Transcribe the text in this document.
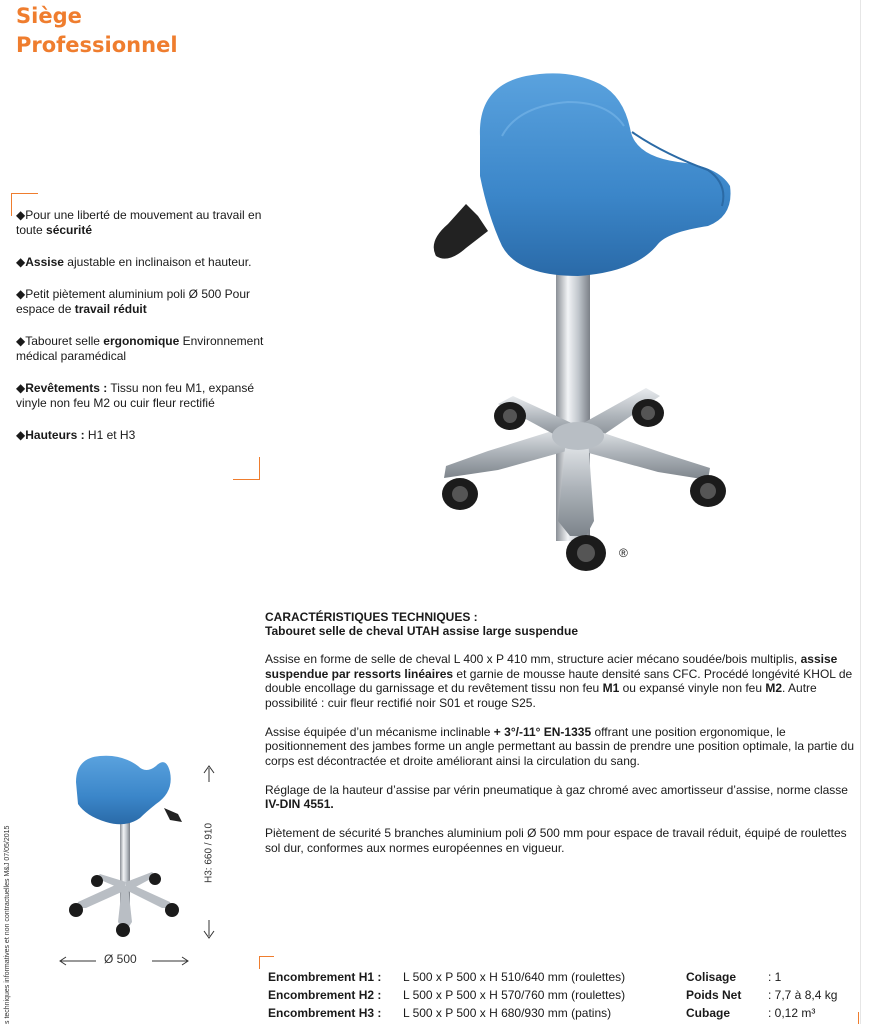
Siège
Professionnel

◆Pour une liberté de mouvement au travail en toute sécurité

◆Assise ajustable en inclinaison et hauteur.

◆Petit piètement aluminium poli Ø 500 Pour espace de travail réduit

◆Tabouret selle ergonomique Environnement médical paramédical

◆Revêtements : Tissu non feu M1, expansé vinyle non feu M2 ou cuir fleur rectifié

◆Hauteurs : H1 et H3

®
CARACTÉRISTIQUES TECHNIQUES :
Tabouret selle de cheval UTAH assise large suspendue

Assise en forme de selle de cheval L 400 x P 410 mm, structure acier mécano soudée/bois multiplis, assise suspendue par ressorts linéaires et garnie de mousse haute densité sans CFC. Procédé longévité KHOL de double encollage du garnissage et du revêtement tissu non feu M1 ou expansé vinyle non feu M2. Autre possibilité : cuir fleur rectifié noir S01 et rouge S25.

Assise équipée d’un mécanisme inclinable + 3°/-11° EN-1335 offrant une position ergonomique, le positionnement des jambes forme un angle permettant au bassin de prendre une position optimale, la partie du corps est décontractée et droite améliorant ainsi la circulation du sang.

Réglage de la hauteur d’assise par vérin pneumatique à gaz chromé avec amortisseur d’assise, norme classe IV-DIN 4551.

Piètement de sécurité 5 branches aluminium poli Ø 500 mm pour espace de travail réduit, équipé de roulettes sol dur, conformes aux normes européennes en vigueur.

H3: 660 / 910
Ø 500
s techniques informatives et non contractuelles M&J 07/05/2015	Encombrement H1 :	L 500 x P 500 x H 510/640 mm (roulettes)	Colisage	: 1
Encombrement H2 :	L 500 x P 500 x H 570/760 mm (roulettes)	Poids Net	: 7,7 à 8,4 kg
Encombrement H3 :	L 500 x P 500 x H 680/930 mm (patins)	Cubage	: 0,12 m³
